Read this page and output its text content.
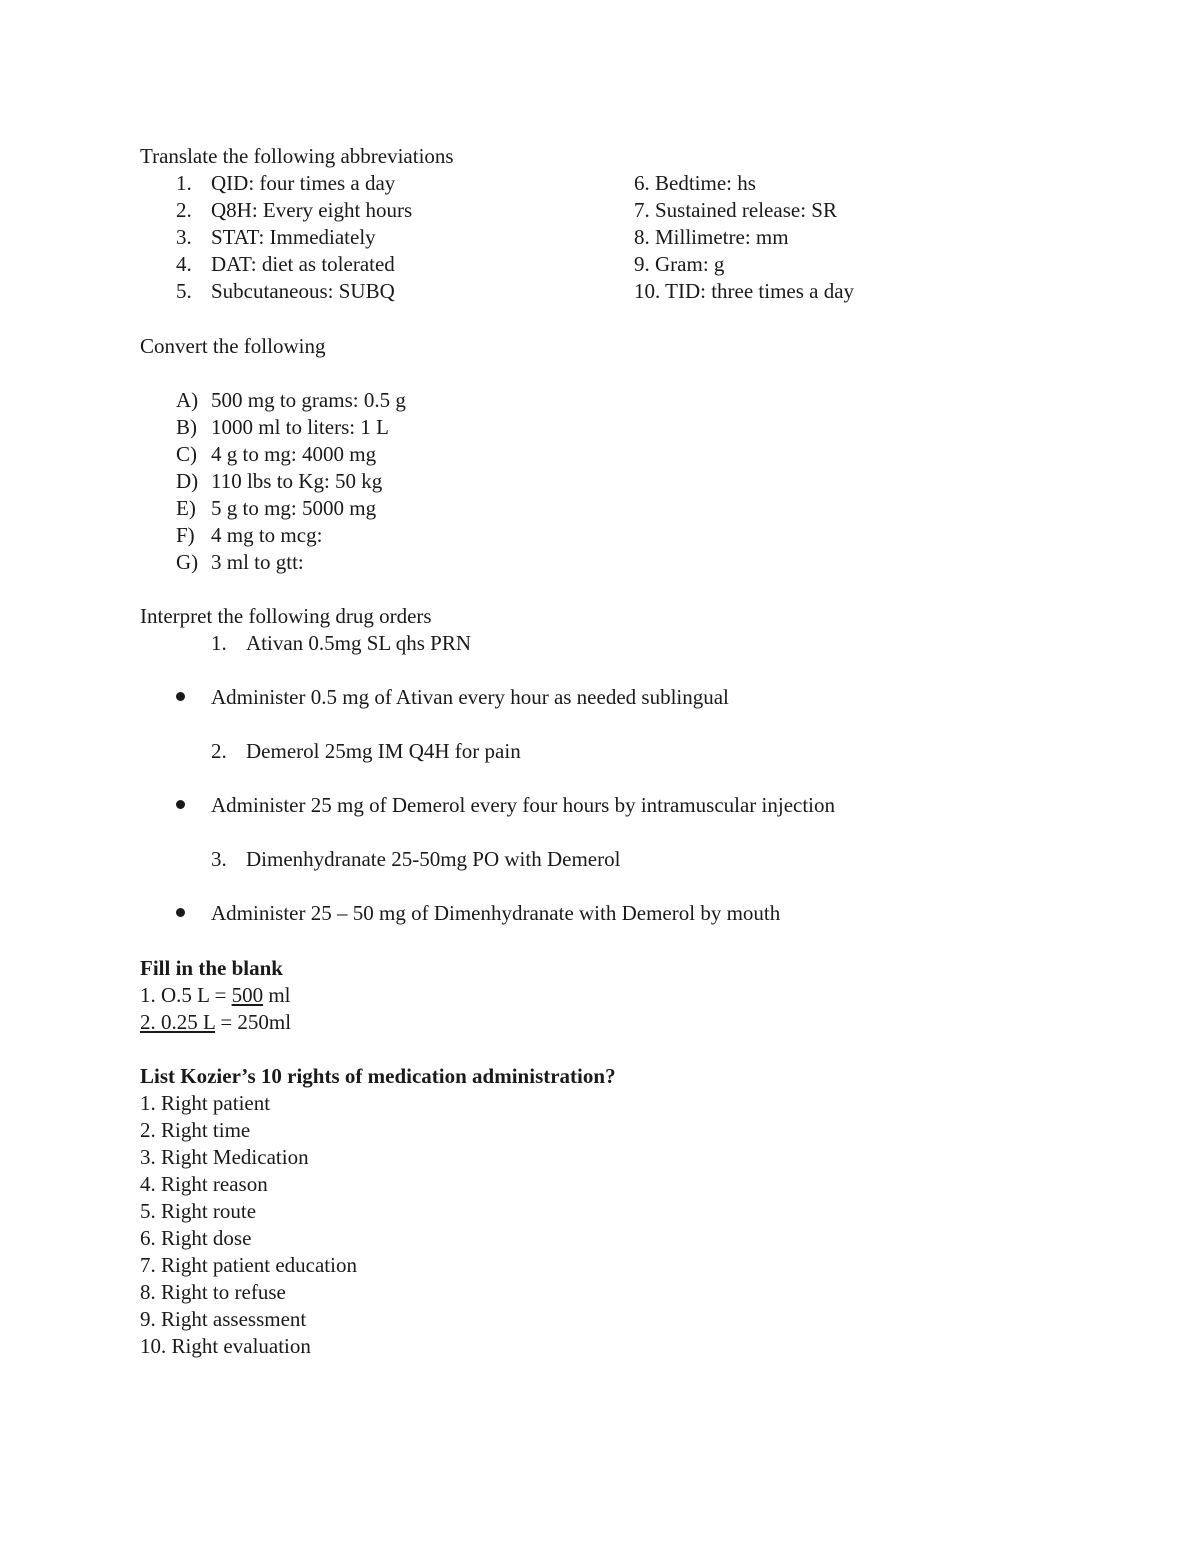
Translate the following abbreviations
1. QID: four times a day
2. Q8H: Every eight hours
3. STAT: Immediately
4. DAT: diet as tolerated
5. Subcutaneous: SUBQ
6. Bedtime: hs
7. Sustained release: SR
8. Millimetre: mm
9. Gram: g
10. TID: three times a day
Convert the following
A) 500 mg to grams: 0.5 g
B) 1000 ml to liters: 1 L
C) 4 g to mg: 4000 mg
D) 110 lbs to Kg: 50 kg
E) 5 g to mg: 5000 mg
F) 4 mg to mcg:
G) 3 ml to gtt:
Interpret the following drug orders
1. Ativan 0.5mg SL qhs PRN
Administer 0.5 mg of Ativan every hour as needed sublingual
2. Demerol 25mg IM Q4H for pain
Administer 25 mg of Demerol every four hours by intramuscular injection
3. Dimenhydranate 25-50mg PO with Demerol
Administer 25 – 50 mg of Dimenhydranate with Demerol by mouth
Fill in the blank
1. O.5 L = 500 ml
2. 0.25 L = 250ml
List Kozier’s 10 rights of medication administration?
1. Right patient
2. Right time
3. Right Medication
4. Right reason
5. Right route
6. Right dose
7. Right patient education
8. Right to refuse
9. Right assessment
10. Right evaluation
